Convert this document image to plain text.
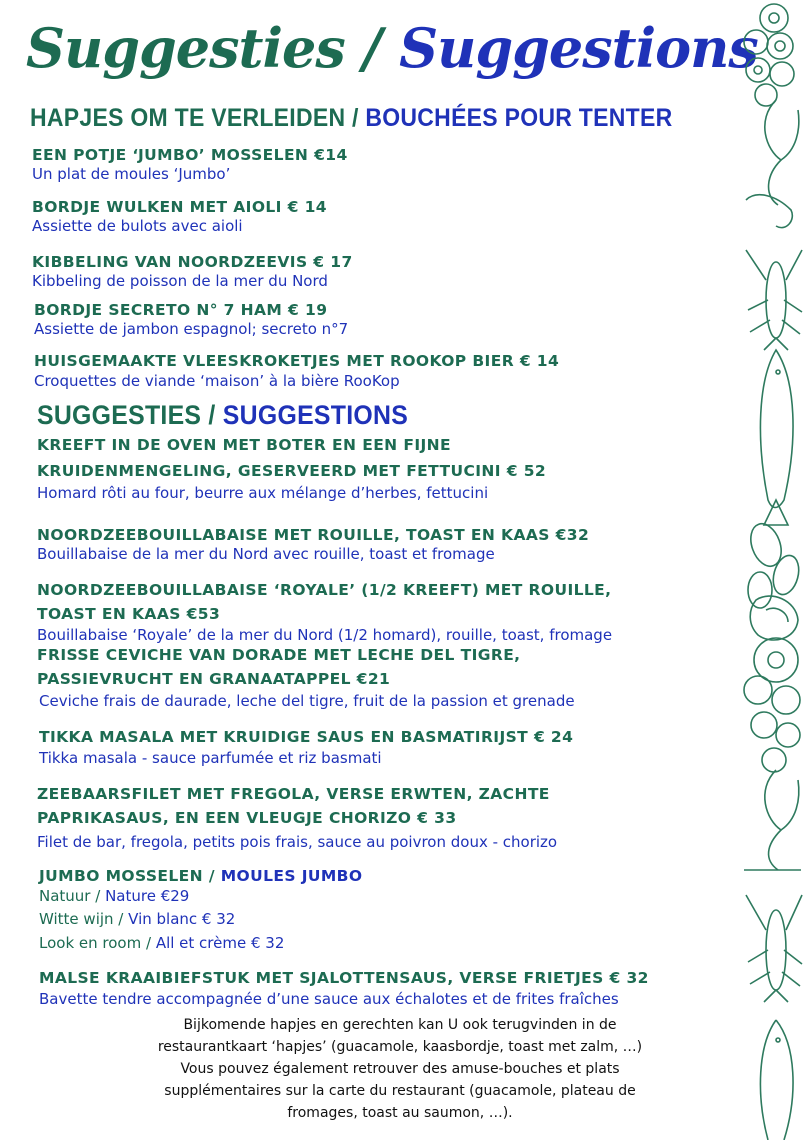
Suggesties / Suggestions
HAPJES OM TE VERLEIDEN / BOUCHÉES POUR TENTER
EEN POTJE ‘JUMBO’ MOSSELEN €14
Un plat de moules ‘Jumbo’
BORDJE WULKEN MET AIOLI € 14
Assiette de bulots avec aioli
KIBBELING VAN NOORDZEEVIS € 17
Kibbeling de poisson de la mer du Nord
BORDJE SECRETO N° 7 HAM € 19
Assiette de jambon espagnol; secreto n°7
HUISGEMAAKTE VLEESKROKETJES MET ROOKOP BIER € 14
Croquettes de viande ‘maison’ à la bière RooKop
SUGGESTIES / SUGGESTIONS
KREEFT IN DE OVEN MET BOTER EN EEN FIJNE
KRUIDENMENGELING, GESERVEERD MET FETTUCINI € 52
Homard rôti au four, beurre aux mélange d’herbes, fettucini
NOORDZEEBOUILLABAISE MET ROUILLE, TOAST EN KAAS €32
Bouillabaise de la mer du Nord avec rouille, toast et fromage
NOORDZEEBOUILLABAISE ‘ROYALE’ (1/2 KREEFT) MET ROUILLE,
TOAST EN KAAS €53
Bouillabaise ‘Royale’ de la mer du Nord (1/2 homard), rouille, toast, fromage
FRISSE CEVICHE VAN DORADE MET LECHE DEL TIGRE,
PASSIEVRUCHT EN GRANAATAPPEL €21
Ceviche frais de daurade, leche del tigre, fruit de la passion et grenade
TIKKA MASALA MET KRUIDIGE SAUS EN BASMATIRIJST € 24
Tikka masala - sauce parfumée et riz basmati
ZEEBAARSFILET MET FREGOLA, VERSE ERWTEN, ZACHTE
PAPRIKASAUS, EN EEN VLEUGJE CHORIZO € 33
Filet de bar, fregola, petits pois frais, sauce au poivron doux - chorizo
JUMBO MOSSELEN / MOULES JUMBO
Natuur / Nature €29
Witte wijn / Vin blanc € 32
Look en room / All et crème € 32
MALSE KRAAIBIEFSTUK MET SJALOTTENSAUS, VERSE FRIETJES € 32
Bavette tendre accompagnée d’une sauce aux échalotes et de frites fraîches
Bijkomende hapjes en gerechten kan U ook terugvinden in de
restaurantkaart ‘hapjes’ (guacamole, kaasbordje, toast met zalm, …)
Vous pouvez également retrouver des amuse-bouches et plats
supplémentaires sur la carte du restaurant (guacamole, plateau de
fromages, toast au saumon, …).
